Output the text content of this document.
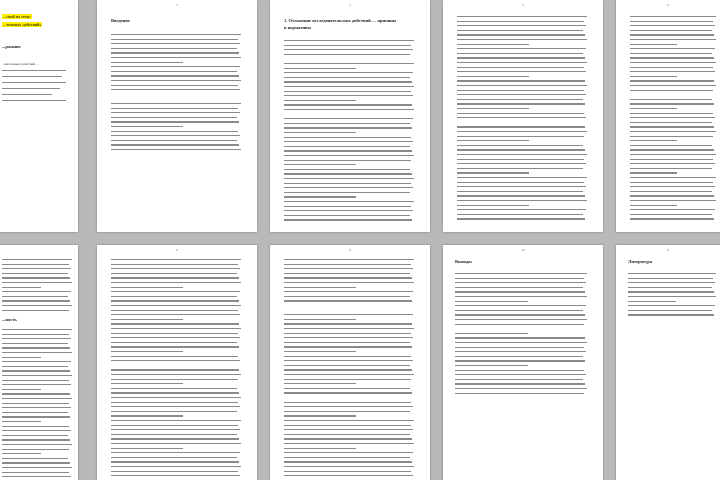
...ский на тему:
...тельных действий»
...ржание
...вительных действий ...
3
Введение
4
1. Отложение исследовательских действий — причины
и нормативы
5	6
...ность
8	9	10
Выводы
11
Литература
